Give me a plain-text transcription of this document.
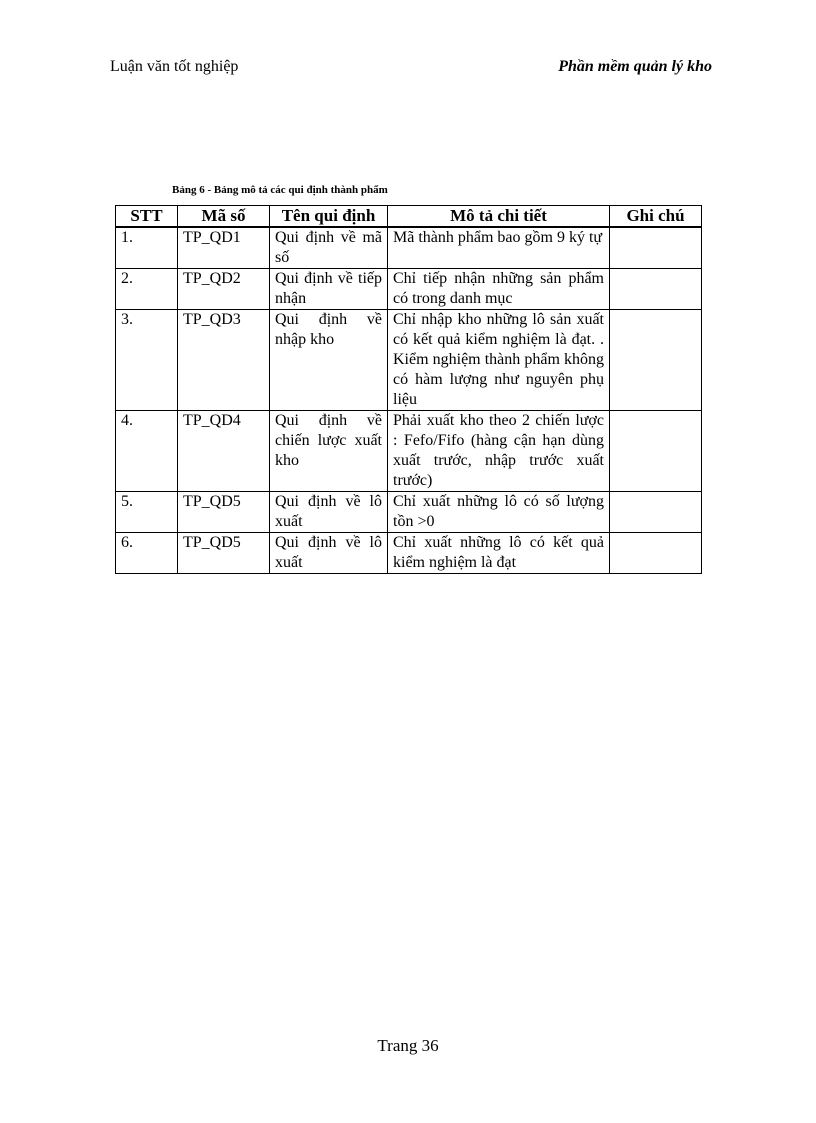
Luận văn tốt nghiệp	Phần mềm quản lý kho
Bảng 6 - Bảng mô tả các qui định thành phẩm
STT	Mã số	Tên qui định	Mô tả chi tiết	Ghi chú
1.	TP_QD1	Qui định về mã số	Mã thành phẩm bao gồm 9 ký tự	
2.	TP_QD2	Qui định về tiếp nhận	Chỉ tiếp nhận những sản phẩm có trong danh mục	
3.	TP_QD3	Qui định về nhập kho	Chỉ nhập kho những lô sản xuất có kết quả kiểm nghiệm là đạt. . Kiểm nghiệm thành phẩm không có hàm lượng như nguyên phụ liệu	
4.	TP_QD4	Qui định về chiến lược xuất kho	Phải xuất kho theo 2 chiến lược : Fefo/Fifo (hàng cận hạn dùng xuất trước, nhập trước xuất trước)	
5.	TP_QD5	Qui định về lô xuất	Chỉ xuất những lô có số lượng tồn >0	
6.	TP_QD5	Qui định về lô xuất	Chỉ xuất những lô có kết quả kiểm nghiệm là đạt	
Trang 36
